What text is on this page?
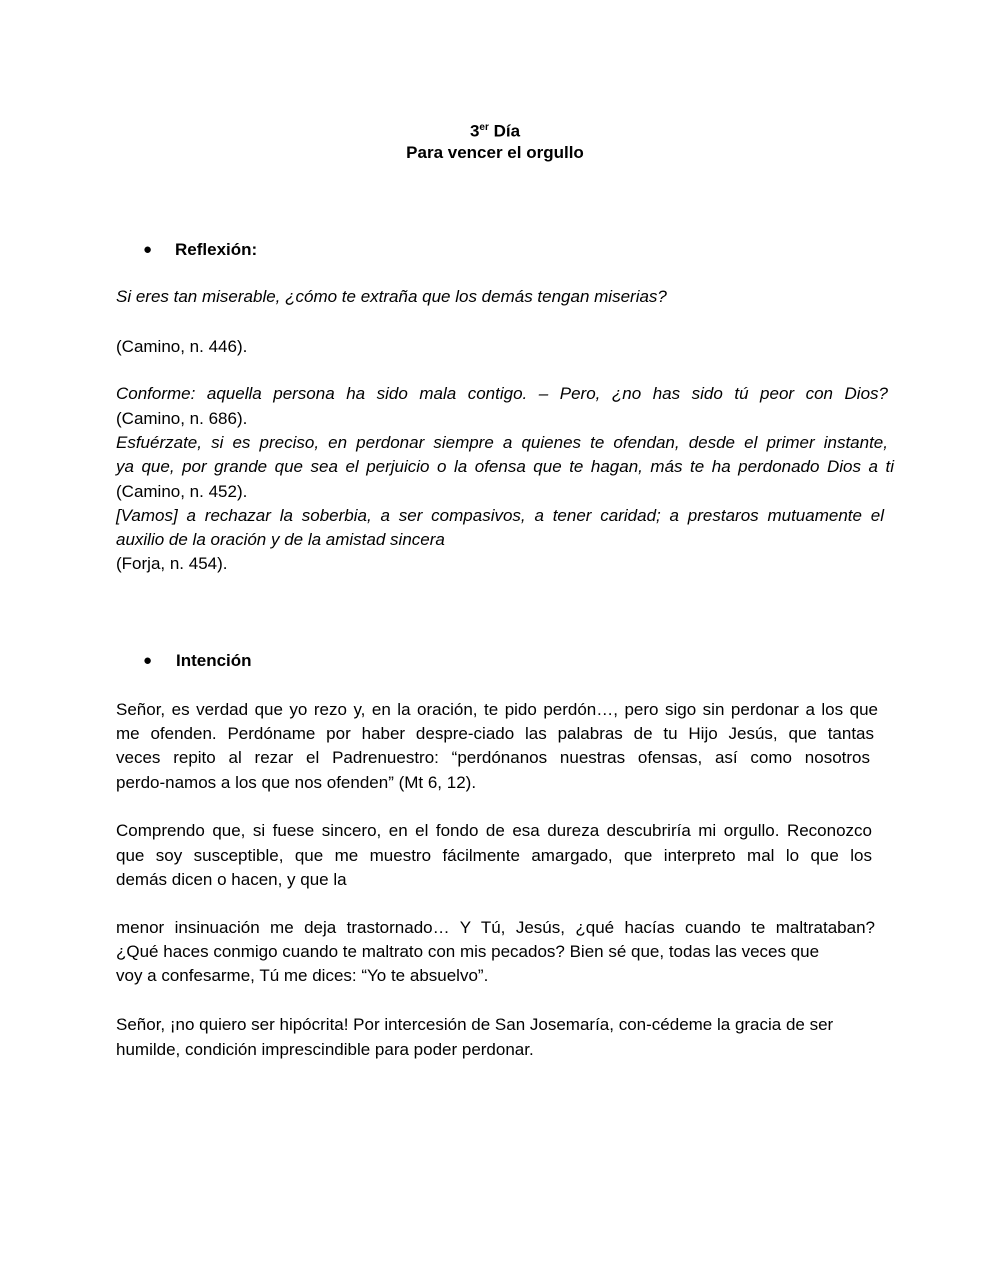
3er Día
Para vencer el orgullo
● Reflexión:
Si eres tan miserable, ¿cómo te extraña que los demás tengan miserias?
(Camino, n. 446).
Conforme: aquella persona ha sido mala contigo. – Pero, ¿no has sido tú peor con Dios?
(Camino, n. 686).
Esfuérzate, si es preciso, en perdonar siempre a quienes te ofendan, desde el primer instante,
ya que, por grande que sea el perjuicio o la ofensa que te hagan, más te ha perdonado Dios a ti
(Camino, n. 452).
[Vamos] a rechazar la soberbia, a ser compasivos, a tener caridad; a prestaros mutuamente el
auxilio de la oración y de la amistad sincera
(Forja, n. 454).
● Intención
Señor, es verdad que yo rezo y, en la oración, te pido perdón…, pero sigo sin perdonar a los que
me ofenden. Perdóname por haber despre-ciado las palabras de tu Hijo Jesús, que tantas
veces repito al rezar el Padrenuestro: “perdónanos nuestras ofensas, así como nosotros
perdo-namos a los que nos ofenden” (Mt 6, 12).
Comprendo que, si fuese sincero, en el fondo de esa dureza descubriría mi orgullo. Reconozco
que soy susceptible, que me muestro fácilmente amargado, que interpreto mal lo que los
demás dicen o hacen, y que la
menor insinuación me deja trastornado… Y Tú, Jesús, ¿qué hacías cuando te maltrataban?
¿Qué haces conmigo cuando te maltrato con mis pecados? Bien sé que, todas las veces que
voy a confesarme, Tú me dices: “Yo te absuelvo”.
Señor, ¡no quiero ser hipócrita! Por intercesión de San Josemaría, con-cédeme la gracia de ser
humilde, condición imprescindible para poder perdonar.
